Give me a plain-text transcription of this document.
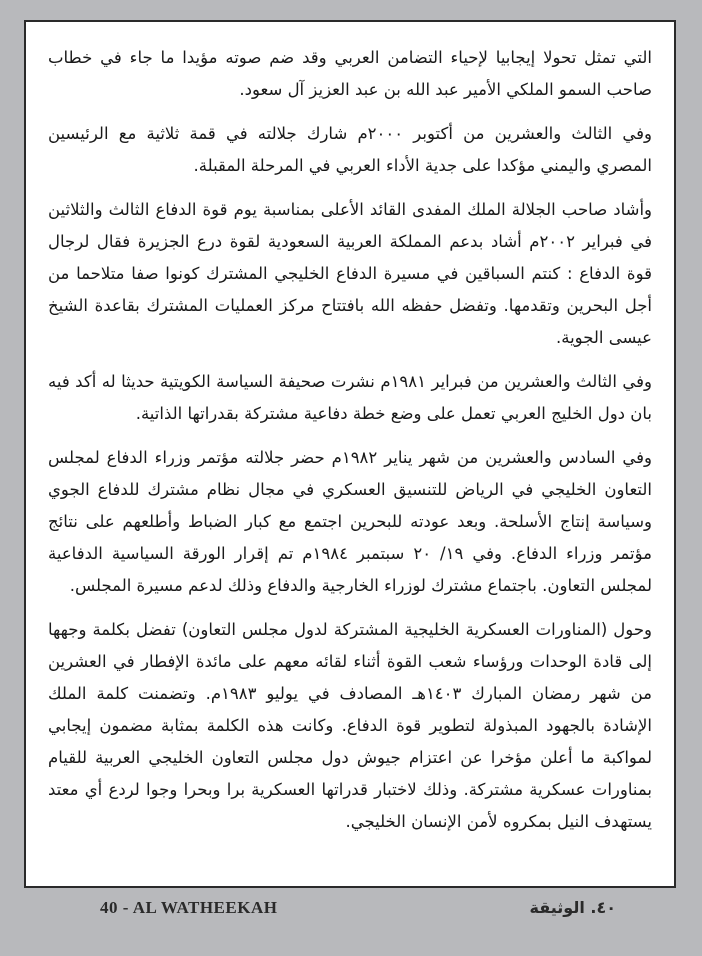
التي تمثل تحولا إيجابيا لإحياء التضامن العربي وقد ضم صوته مؤيدا ما جاء في خطاب صاحب السمو الملكي الأمير عبد الله بن عبد العزيز آل سعود.

وفي الثالث والعشرين من أكتوبر ٢٠٠٠م شارك جلالته في قمة ثلاثية مع الرئيسين المصري واليمني مؤكدا على جدية الأداء العربي في المرحلة المقبلة.

وأشاد صاحب الجلالة الملك المفدى القائد الأعلى بمناسبة يوم قوة الدفاع الثالث والثلاثين في فبراير ٢٠٠٢م أشاد بدعم المملكة العربية السعودية لقوة درع الجزيرة فقال لرجال قوة الدفاع : كنتم السباقين في مسيرة الدفاع الخليجي المشترك كونوا صفا متلاحما من أجل البحرين وتقدمها. وتفضل حفظه الله بافتتاح مركز العمليات المشترك بقاعدة الشيخ عيسى الجوية.

وفي الثالث والعشرين من فبراير ١٩٨١م نشرت صحيفة السياسة الكويتية حديثا له أكد فيه بان دول الخليج العربي تعمل على وضع خطة دفاعية مشتركة بقدراتها الذاتية.

وفي السادس والعشرين من شهر يناير ١٩٨٢م حضر جلالته مؤتمر وزراء الدفاع لمجلس التعاون الخليجي في الرياض للتنسيق العسكري في مجال نظام مشترك للدفاع الجوي وسياسة إنتاج الأسلحة. وبعد عودته للبحرين اجتمع مع كبار الضباط وأطلعهم على نتائج مؤتمر وزراء الدفاع. وفي ١٩/ ٢٠ سبتمبر ١٩٨٤م تم إقرار الورقة السياسية الدفاعية لمجلس التعاون. باجتماع مشترك لوزراء الخارجية والدفاع وذلك لدعم مسيرة المجلس.

وحول (المناورات العسكرية الخليجية المشتركة لدول مجلس التعاون) تفضل بكلمة وجهها إلى قادة الوحدات ورؤساء شعب القوة أثناء لقائه معهم على مائدة الإفطار في العشرين من شهر رمضان المبارك ١٤٠٣هـ المصادف في يوليو ١٩٨٣م. وتضمنت كلمة الملك الإشادة بالجهود المبذولة لتطوير قوة الدفاع. وكانت هذه الكلمة بمثابة مضمون إيجابي لمواكبة ما أعلن مؤخرا عن اعتزام جيوش دول مجلس التعاون الخليجي العربية للقيام بمناورات عسكرية مشتركة. وذلك لاختبار قدراتها العسكرية برا وبحرا وجوا لردع أي معتد يستهدف النيل بمكروه لأمن الإنسان الخليجي.

40 - AL WATHEEKAH	٤٠. الوثيقة
